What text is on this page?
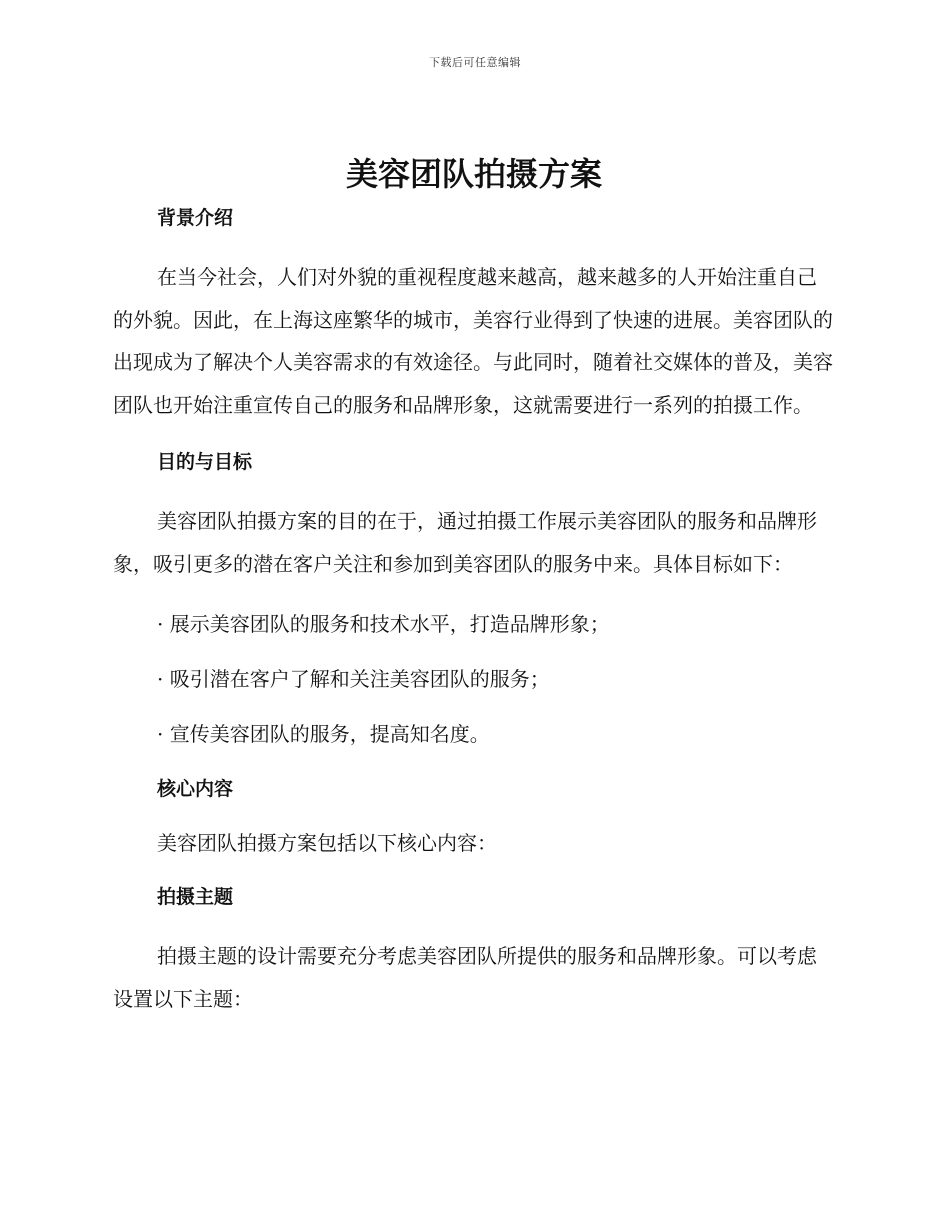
下载后可任意编辑
美容团队拍摄方案
背景介绍

在当今社会，人们对外貌的重视程度越来越高，越来越多的人开始注重自己的外貌。因此，在上海这座繁华的城市，美容行业得到了快速的进展。美容团队的出现成为了解决个人美容需求的有效途径。与此同时，随着社交媒体的普及，美容团队也开始注重宣传自己的服务和品牌形象，这就需要进行一系列的拍摄工作。

目的与目标

美容团队拍摄方案的目的在于，通过拍摄工作展示美容团队的服务和品牌形象，吸引更多的潜在客户关注和参加到美容团队的服务中来。具体目标如下：

· 展示美容团队的服务和技术水平，打造品牌形象；

· 吸引潜在客户了解和关注美容团队的服务；

· 宣传美容团队的服务，提高知名度。

核心内容

美容团队拍摄方案包括以下核心内容：

拍摄主题

拍摄主题的设计需要充分考虑美容团队所提供的服务和品牌形象。可以考虑设置以下主题：
